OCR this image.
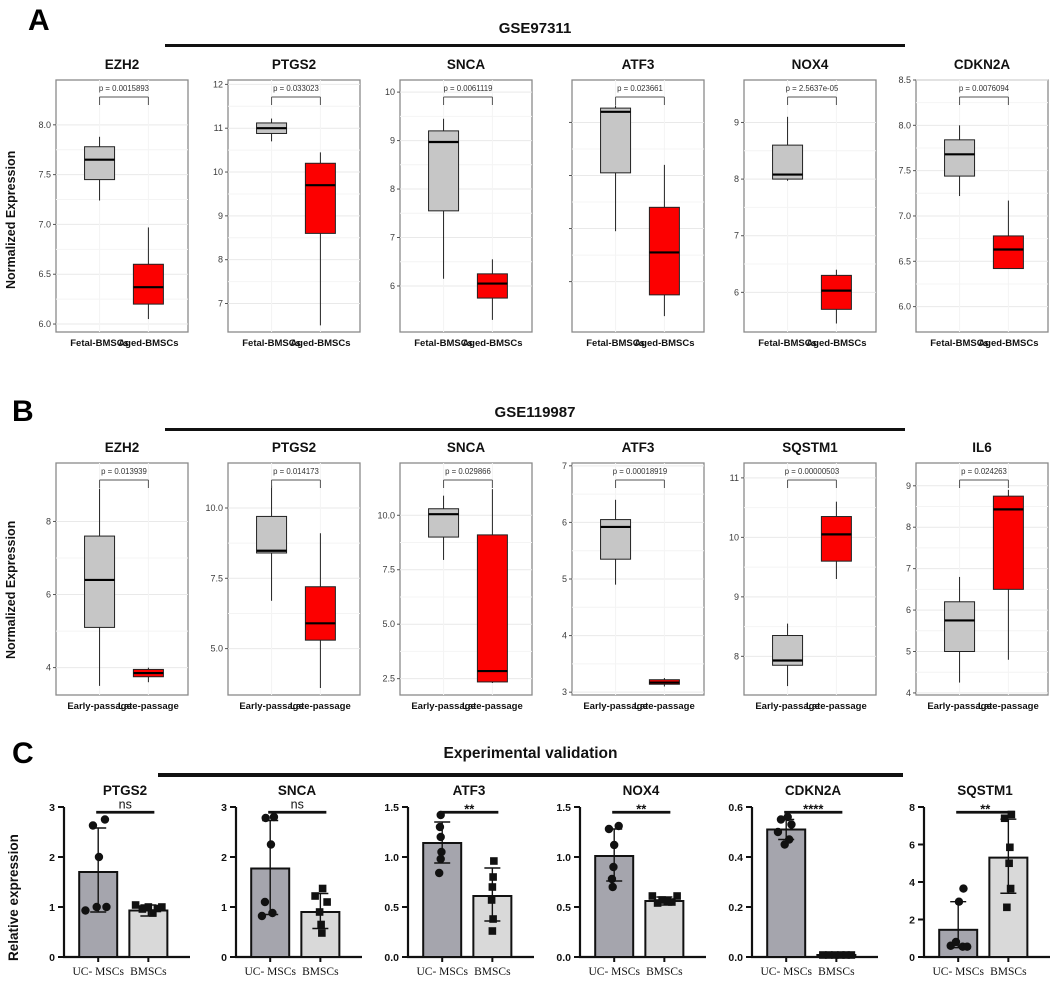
A	GSE97311
Normalized Expression
EZH2
6.0
6.5
7.0
7.5
8.0
p = 0.0015893
Fetal-BMSCs
Aged-BMSCs
PTGS2
7
8
9
10
11
12	p = 0.033023
Fetal-BMSCs
Aged-BMSCs
SNCA
6
7
8
9
10	p = 0.0061119
Fetal-BMSCs
Aged-BMSCs
ATF3
p = 0.023661
Fetal-BMSCs
Aged-BMSCs
NOX4
6
7
8
9
p = 2.5637e-05
Fetal-BMSCs
Aged-BMSCs
CDKN2A
6.0
6.5
7.0
7.5
8.0
8.5
p = 0.0076094
Fetal-BMSCs
Aged-BMSCs
B	GSE119987
Normalized Expression
EZH2
4
6
8
p = 0.013939
Early-passage
Late-passage
PTGS2
5.0
7.5
10.0
p = 0.014173
Early-passage
Late-passage
SNCA
2.5
5.0
7.5
10.0
p = 0.029866
Early-passage
Late-passage
ATF3
3
4
5
6
7
p = 0.00018919
Early-passage
Late-passage
SQSTM1
8
9
10
11
p = 0.00000503
Early-passage
Late-passage
IL6
4
5
6
7
8
9
p = 0.024263
Early-passage
Late-passage
C	Experimental validation
Relative expression
PTGS2
0
1
2
3
UC- MSCs BMSCs
ns
SNCA
0
1
2
3
UC- MSCs BMSCs
ns
ATF3
0.0
0.5
1.0
1.5
UC- MSCs BMSCs
**
NOX4
0.0
0.5
1.0
1.5
UC- MSCs BMSCs
**
CDKN2A
0.0
0.2
0.4
0.6
UC- MSCs BMSCs
****
SQSTM1
0
2
4
6
8
UC- MSCs BMSCs
**
